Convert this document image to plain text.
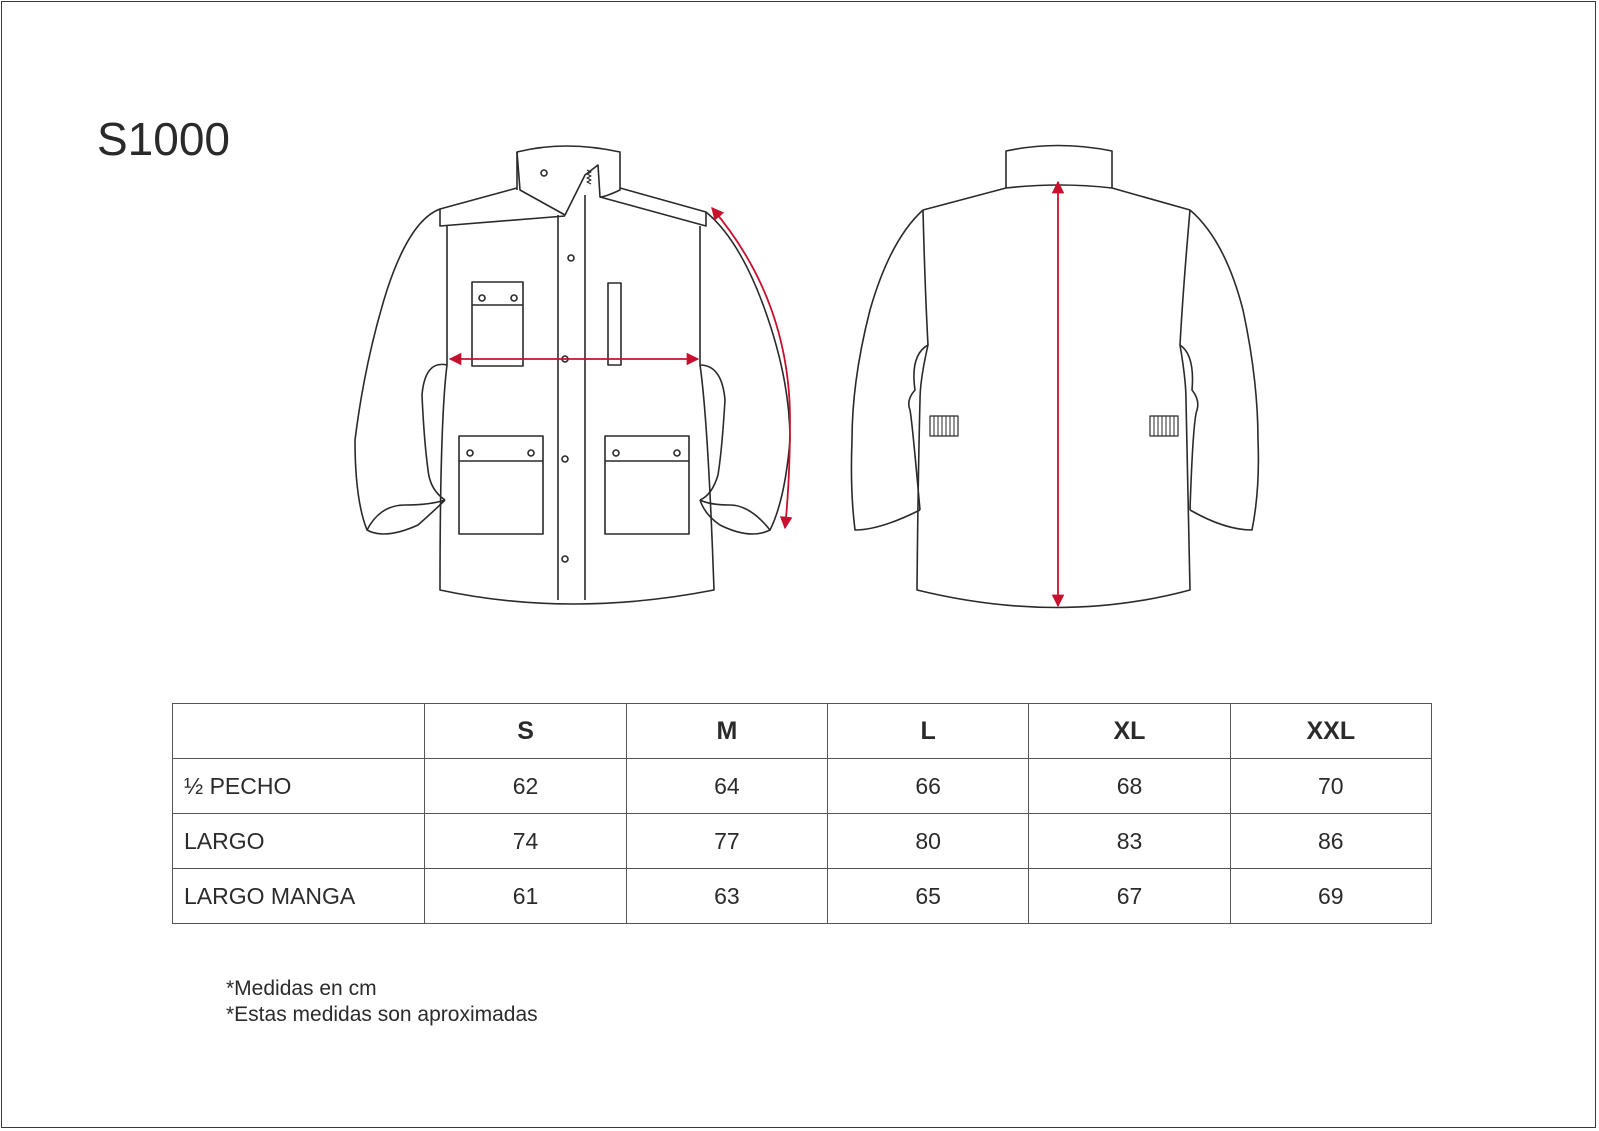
S1000
	S	M	L	XL	XXL
½ PECHO	62	64	66	68	70
LARGO	74	77	80	83	86
LARGO MANGA	61	63	65	67	69
*Medidas en cm
*Estas medidas son aproximadas
